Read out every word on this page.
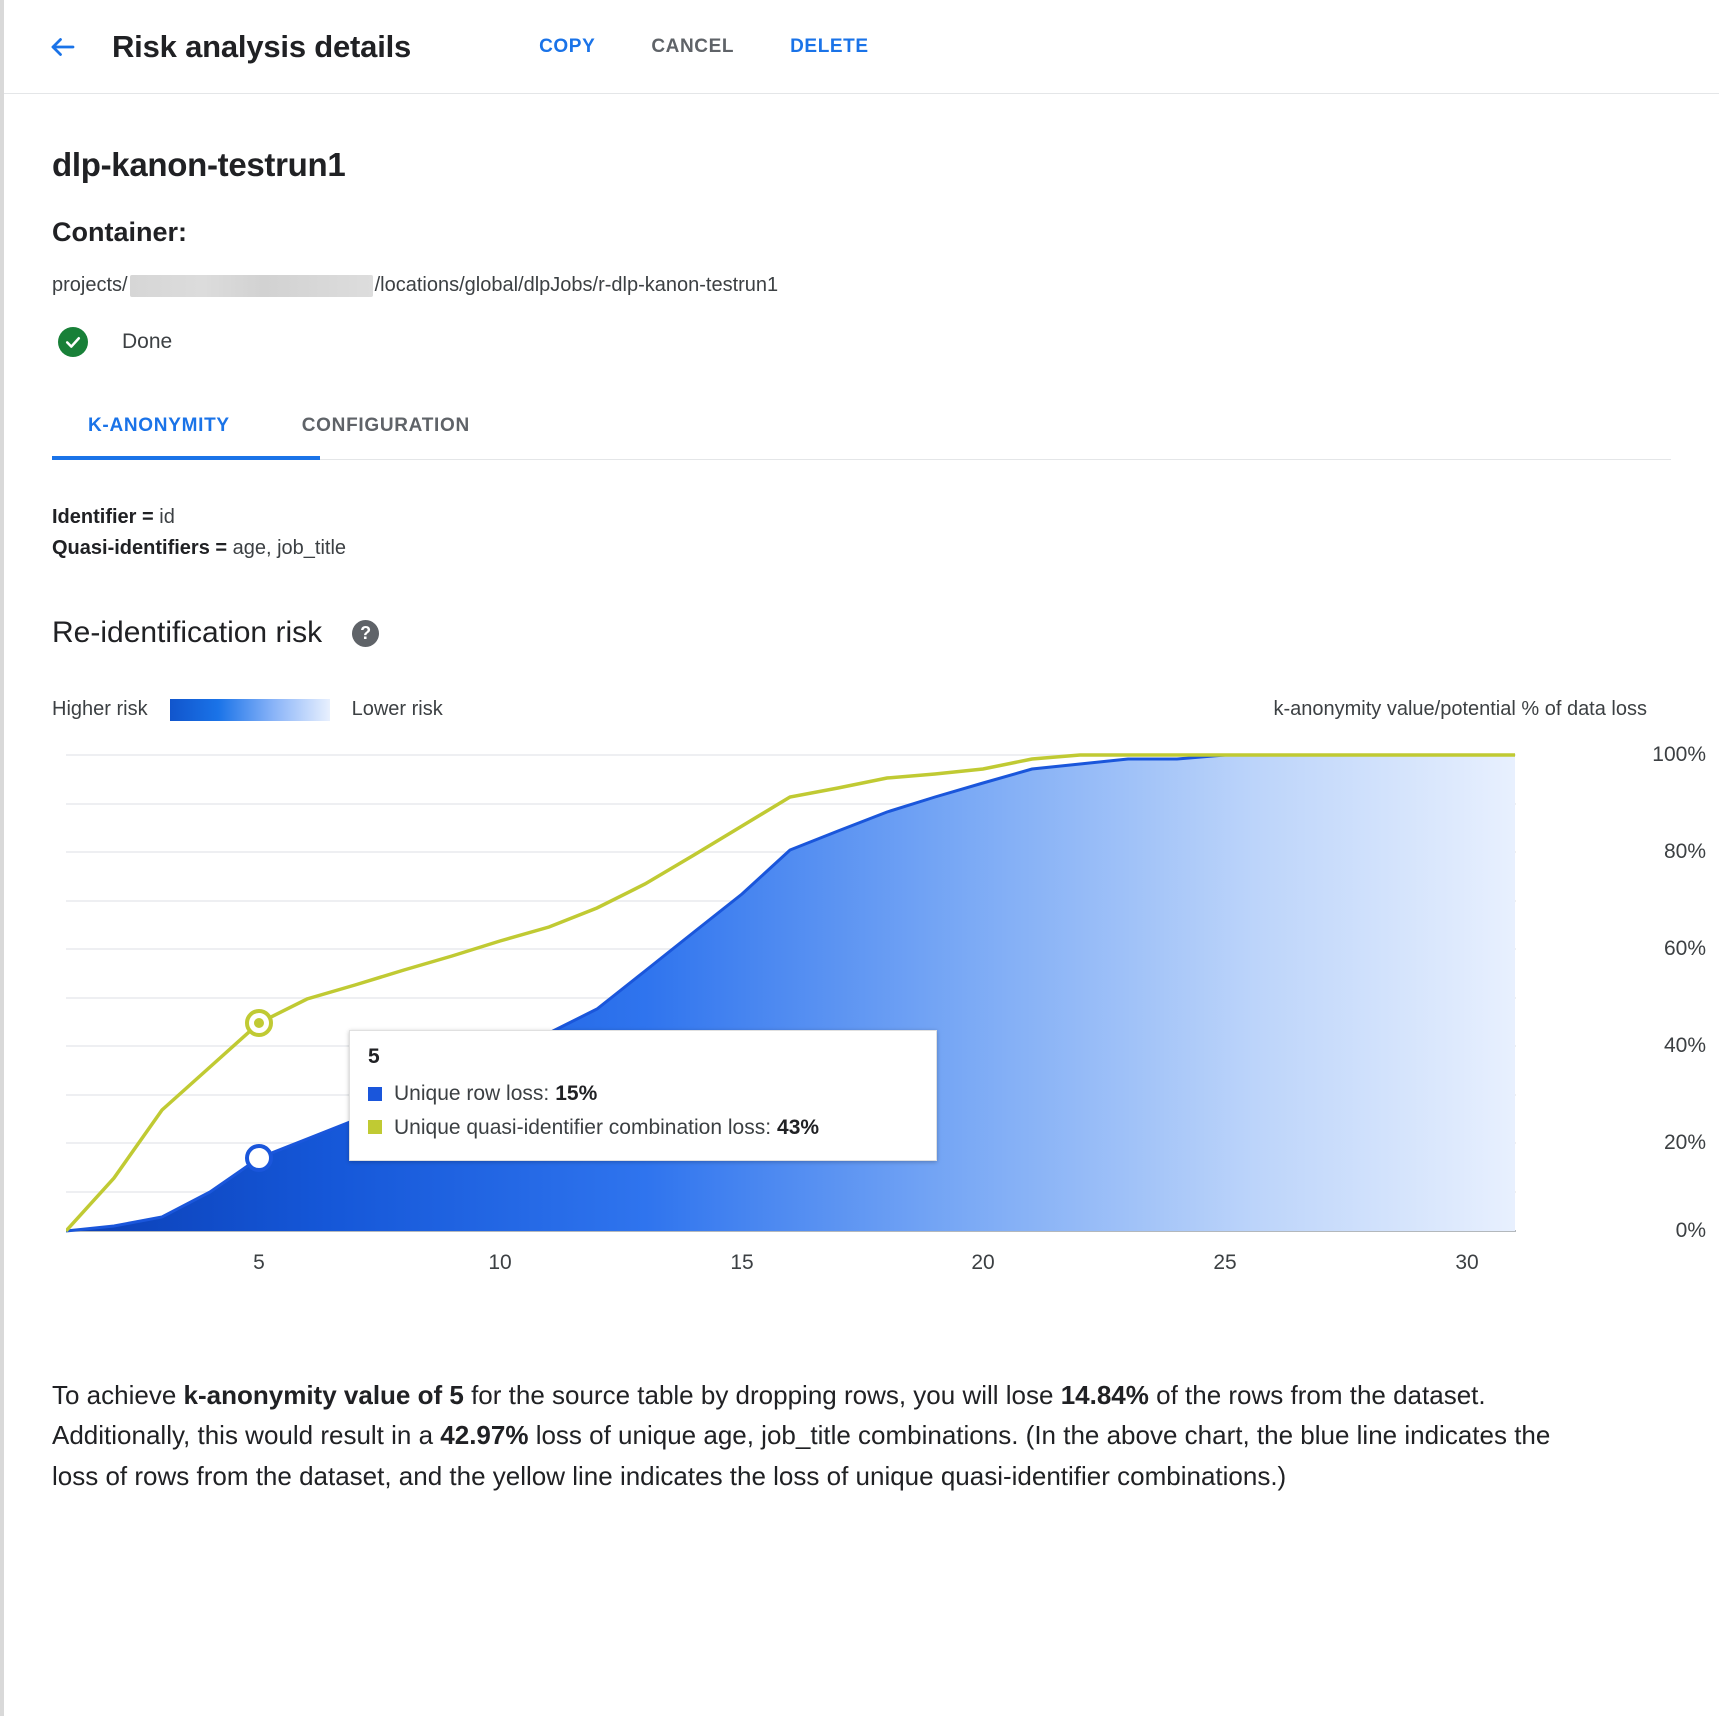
Risk analysis details	COPY	CANCEL	DELETE
dlp-kanon-testrun1
Container:
projects/	/locations/global/dlpJobs/r-dlp-kanon-testrun1
Done
K-ANONYMITY	CONFIGURATION
Identifier = id
Quasi-identifiers = age, job_title
Re-identification risk	?
Higher risk	Lower risk	k-anonymity value/potential % of data loss
5
Unique row loss: 15%
Unique quasi-identifier combination loss: 43%
100%
80%
60%
40%
20%
0%
5	10	15	20	25	30
To achieve k-anonymity value of 5 for the source table by dropping rows, you will lose 14.84% of the rows from the dataset. Additionally, this would result in a 42.97% loss of unique age, job_title combinations. (In the above chart, the blue line indicates the loss of rows from the dataset, and the yellow line indicates the loss of unique quasi-identifier combinations.)
